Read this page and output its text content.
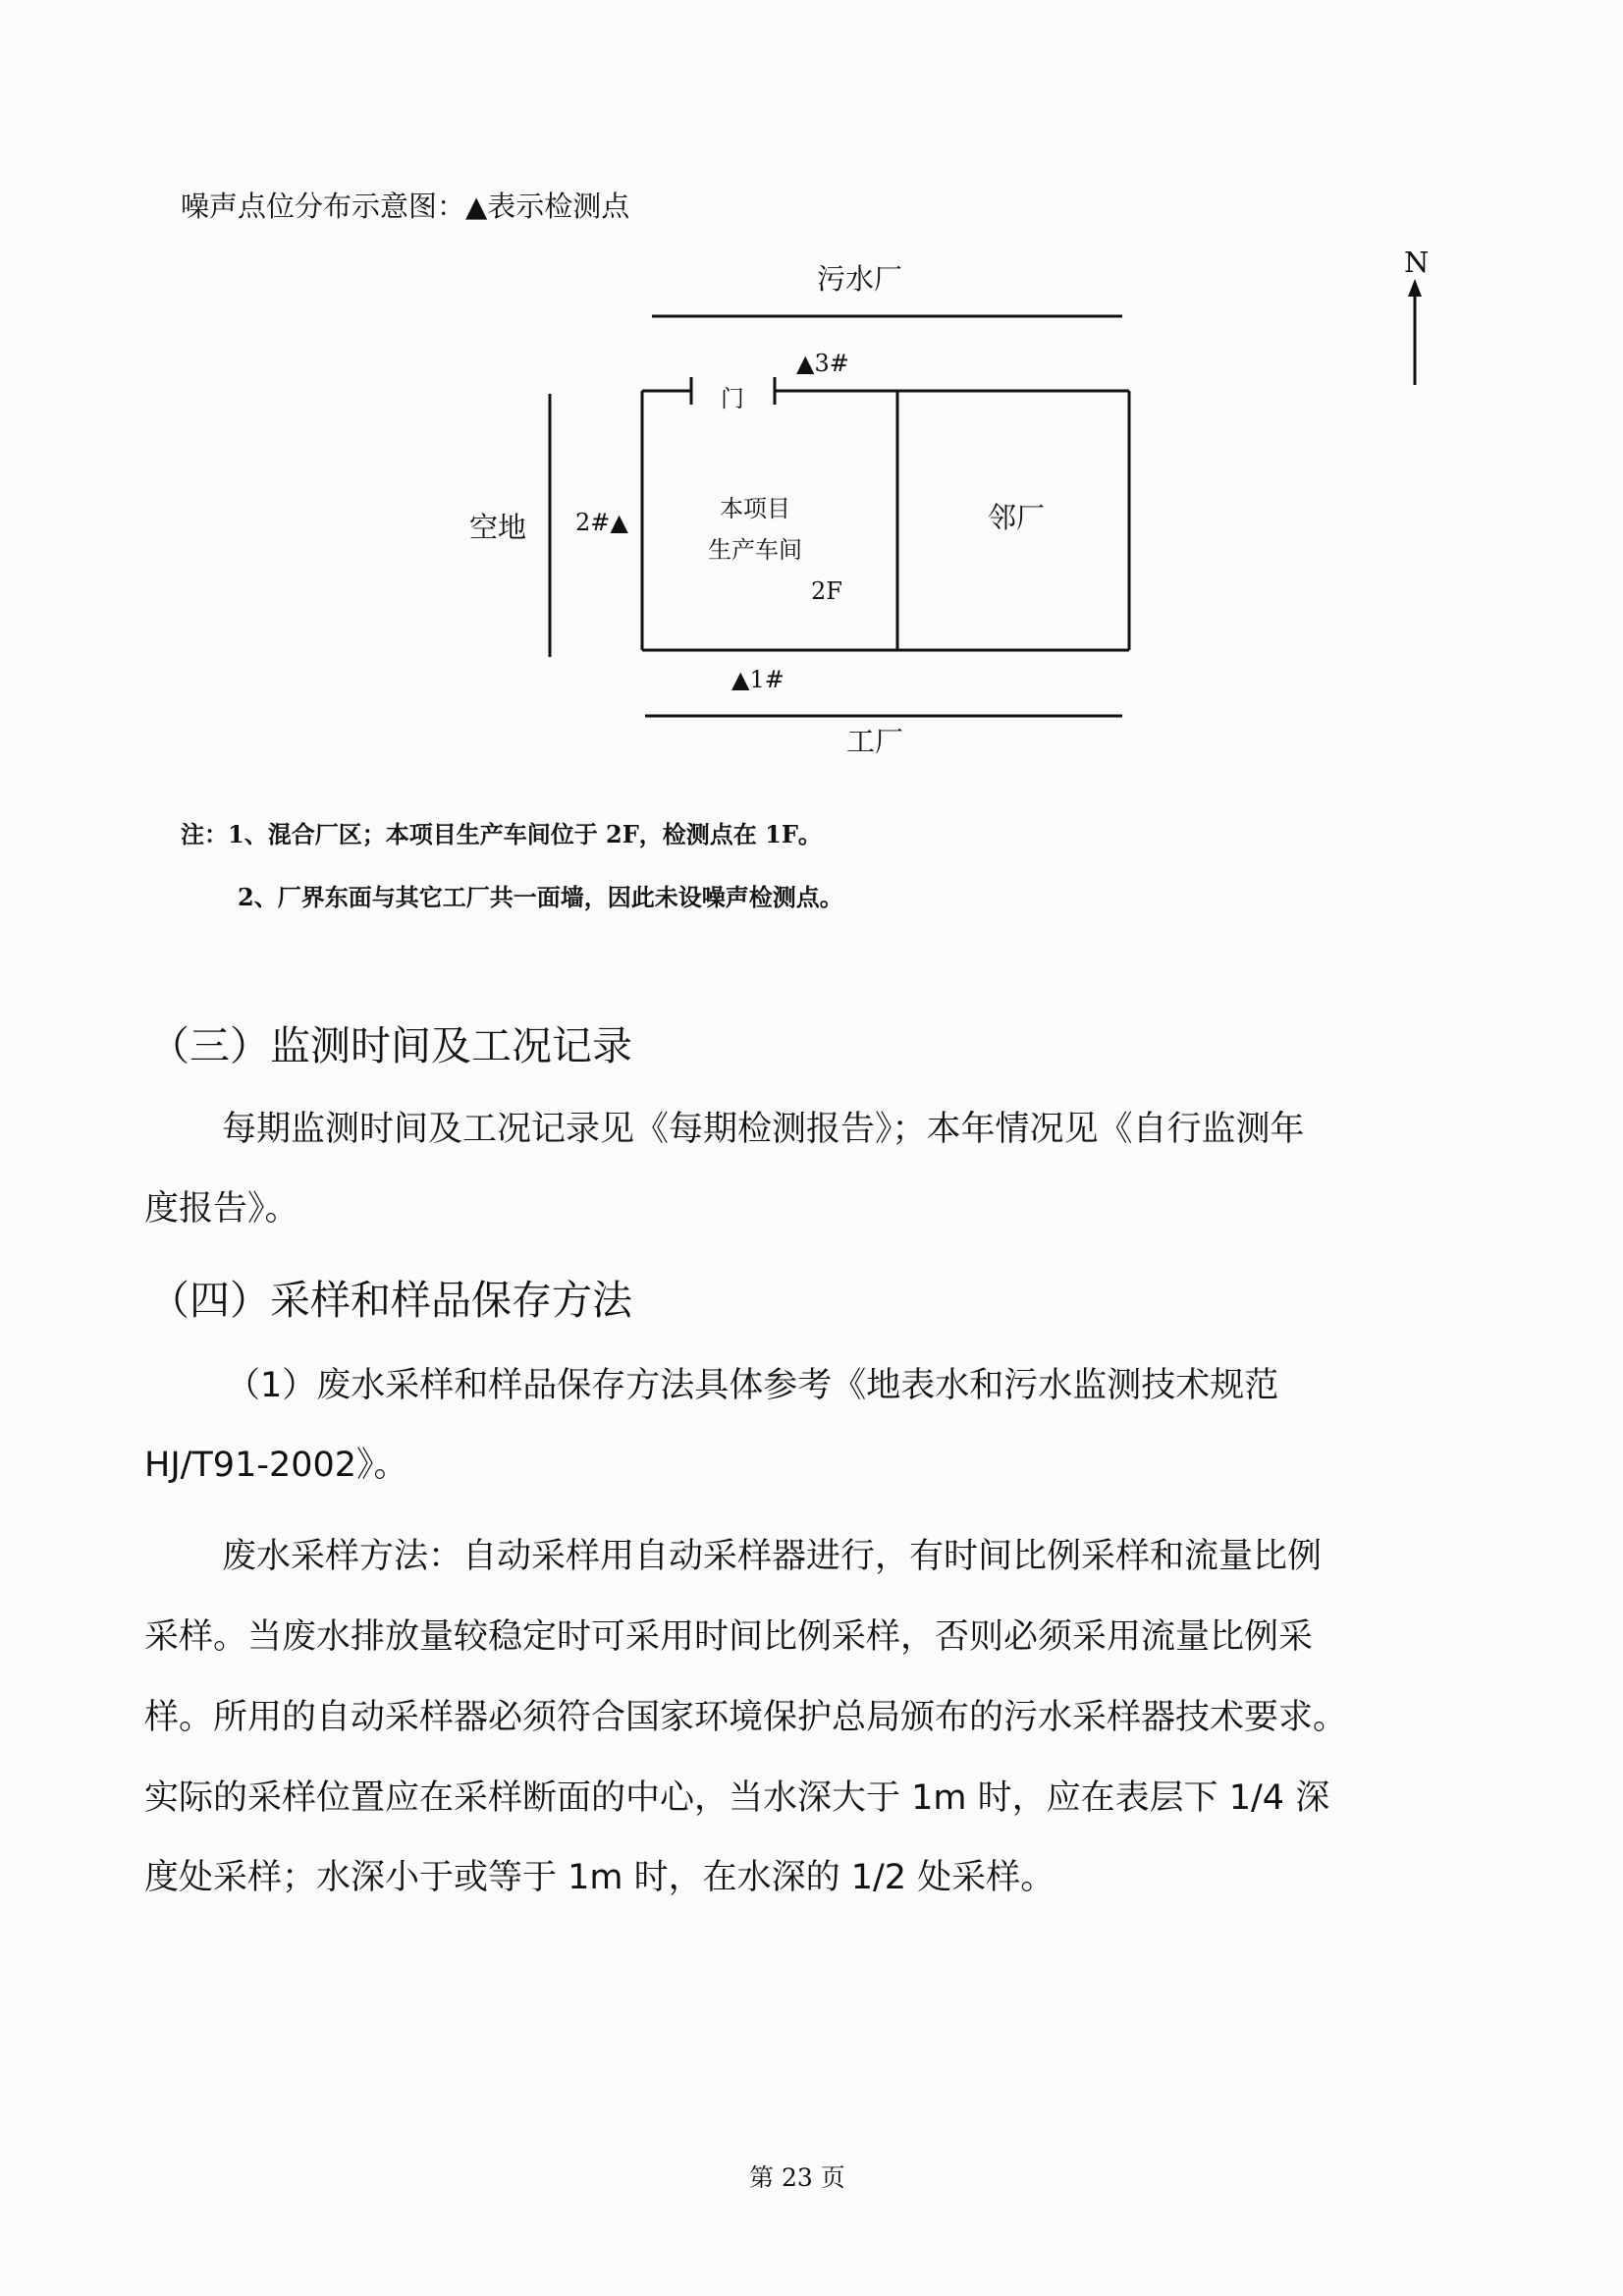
噪声点位分布示意图：▲表示检测点
N
污水厂
门
▲3#
空地 2#▲	本项目
生产车间
2F
邻厂
▲1#
工厂
注：1、混合厂区；本项目生产车间位于 2F，检测点在 1F。
2、厂界东面与其它工厂共一面墙，因此未设噪声检测点。
（三）监测时间及工况记录
每期监测时间及工况记录见《每期检测报告》；本年情况见《自行监测年
度报告》。
（四）采样和样品保存方法
（1）废水采样和样品保存方法具体参考《地表水和污水监测技术规范
HJ/T91-2002》。
废水采样方法：自动采样用自动采样器进行，有时间比例采样和流量比例
采样。当废水排放量较稳定时可采用时间比例采样，否则必须采用流量比例采
样。所用的自动采样器必须符合国家环境保护总局颁布的污水采样器技术要求。
实际的采样位置应在采样断面的中心，当水深大于 1m 时，应在表层下 1/4 深
度处采样；水深小于或等于 1m 时，在水深的 1/2 处采样。
第 23 页
